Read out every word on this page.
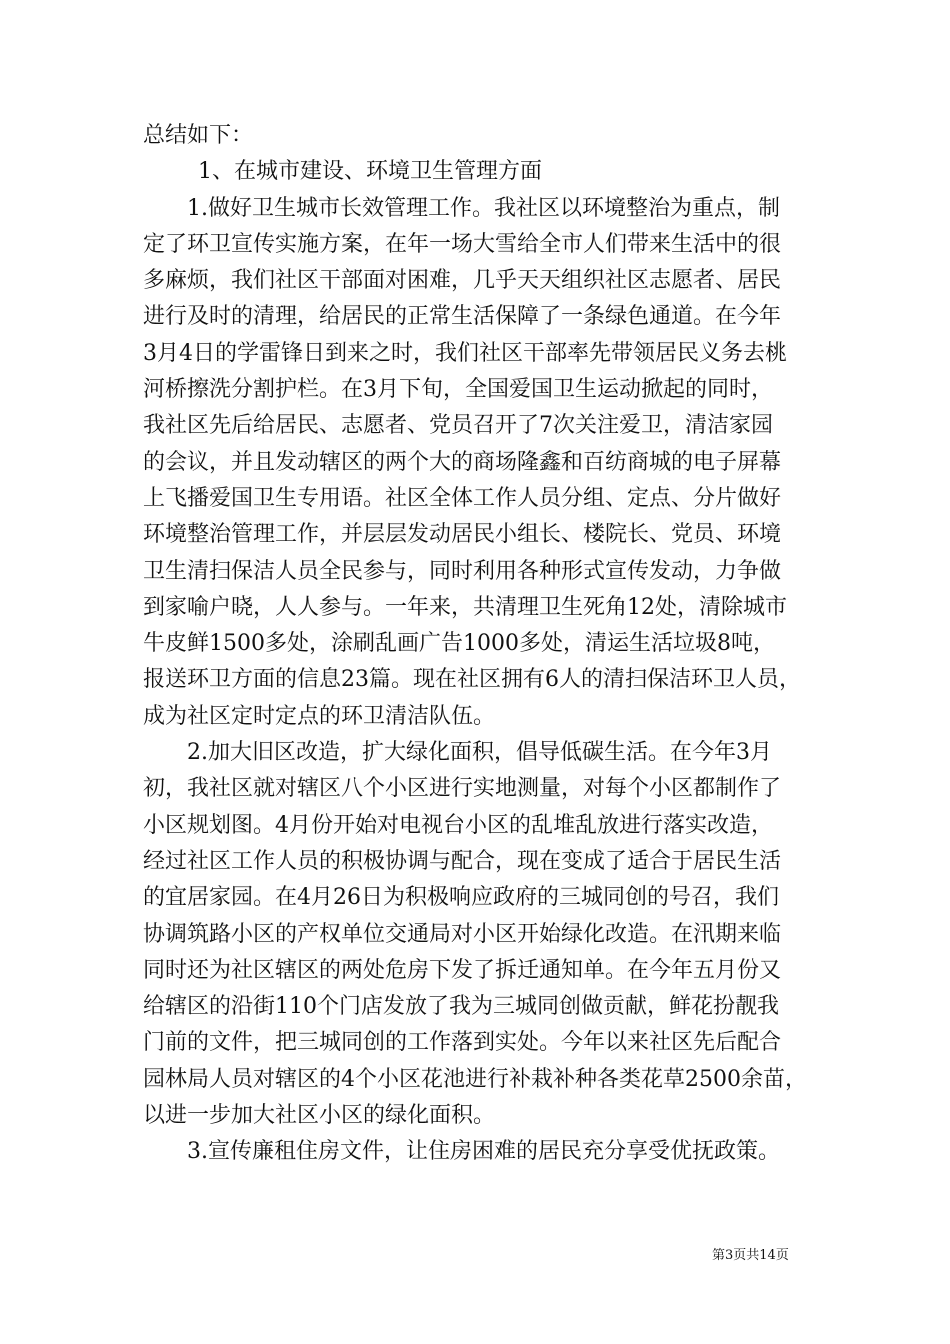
总结如下：
1、在城市建设、环境卫生管理方面
1.做好卫生城市长效管理工作。我社区以环境整治为重点，制
定了环卫宣传实施方案，在年一场大雪给全市人们带来生活中的很
多麻烦，我们社区干部面对困难，几乎天天组织社区志愿者、居民
进行及时的清理，给居民的正常生活保障了一条绿色通道。在今年
3月4日的学雷锋日到来之时，我们社区干部率先带领居民义务去桃
河桥擦洗分割护栏。在3月下旬，全国爱国卫生运动掀起的同时，
我社区先后给居民、志愿者、党员召开了7次关注爱卫，清洁家园
的会议，并且发动辖区的两个大的商场隆鑫和百纺商城的电子屏幕
上飞播爱国卫生专用语。社区全体工作人员分组、定点、分片做好
环境整治管理工作，并层层发动居民小组长、楼院长、党员、环境
卫生清扫保洁人员全民参与，同时利用各种形式宣传发动，力争做
到家喻户晓，人人参与。一年来，共清理卫生死角12处，清除城市
牛皮鲜1500多处，涂刷乱画广告1000多处，清运生活垃圾8吨，
报送环卫方面的信息23篇。现在社区拥有6人的清扫保洁环卫人员，
成为社区定时定点的环卫清洁队伍。
2.加大旧区改造，扩大绿化面积，倡导低碳生活。在今年3月
初，我社区就对辖区八个小区进行实地测量，对每个小区都制作了
小区规划图。4月份开始对电视台小区的乱堆乱放进行落实改造，
经过社区工作人员的积极协调与配合，现在变成了适合于居民生活
的宜居家园。在4月26日为积极响应政府的三城同创的号召，我们
协调筑路小区的产权单位交通局对小区开始绿化改造。在汛期来临
同时还为社区辖区的两处危房下发了拆迁通知单。在今年五月份又
给辖区的沿街110个门店发放了我为三城同创做贡献，鲜花扮靓我
门前的文件，把三城同创的工作落到实处。今年以来社区先后配合
园林局人员对辖区的4个小区花池进行补栽补种各类花草2500余苗，
以进一步加大社区小区的绿化面积。
3.宣传廉租住房文件，让住房困难的居民充分享受优抚政策。
第3页共14页
